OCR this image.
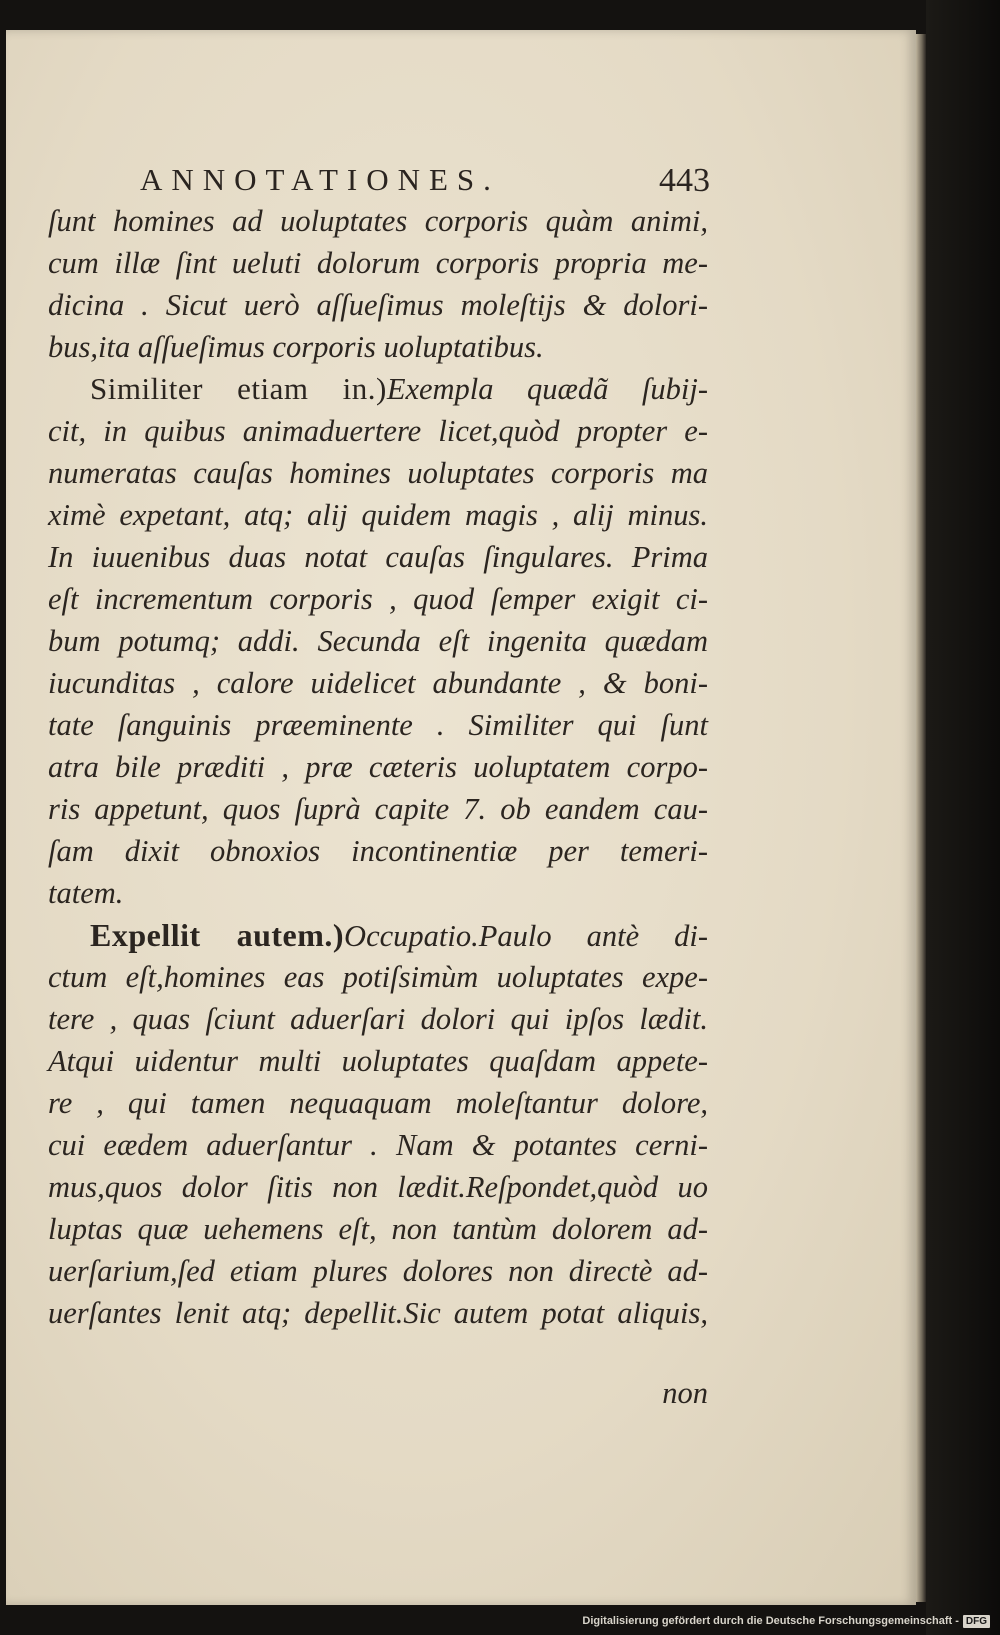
ANNOTATIONES.	443
ſunt homines ad uoluptates corporis quàm animi,
cum illæ ſint ueluti dolorum corporis propria me-
dicina . Sicut uerò aſſueſimus moleſtijs & dolori-
bus,ita aſſueſimus corporis uoluptatibus.
Similiter etiam in.)Exempla quædã ſubij-
cit, in quibus animaduertere licet,quòd propter e-
numeratas cauſas homines uoluptates corporis ma
ximè expetant, atq; alij quidem magis , alij minus.
In iuuenibus duas notat cauſas ſingulares. Prima
eſt incrementum corporis , quod ſemper exigit ci-
bum potumq; addi. Secunda eſt ingenita quædam
iucunditas , calore uidelicet abundante , & boni-
tate ſanguinis præeminente . Similiter qui ſunt
atra bile præditi , præ cæteris uoluptatem corpo-
ris appetunt, quos ſuprà capite 7. ob eandem cau-
ſam dixit obnoxios incontinentiæ per temeri-
tatem.
Expellit autem.)Occupatio.Paulo antè di-
ctum eſt,homines eas potiſsimùm uoluptates expe-
tere , quas ſciunt aduerſari dolori qui ipſos lædit.
Atqui uidentur multi uoluptates quaſdam appete-
re , qui tamen nequaquam moleſtantur dolore,
cui eædem aduerſantur . Nam & potantes cerni-
mus,quos dolor ſitis non lædit.Reſpondet,quòd uo
luptas quæ uehemens eſt, non tantùm dolorem ad-
uerſarium,ſed etiam plures dolores non directè ad-
uerſantes lenit atq; depellit.Sic autem potat aliquis,
non
Digitalisierung gefördert durch die Deutsche Forschungsgemeinschaft - DFG
